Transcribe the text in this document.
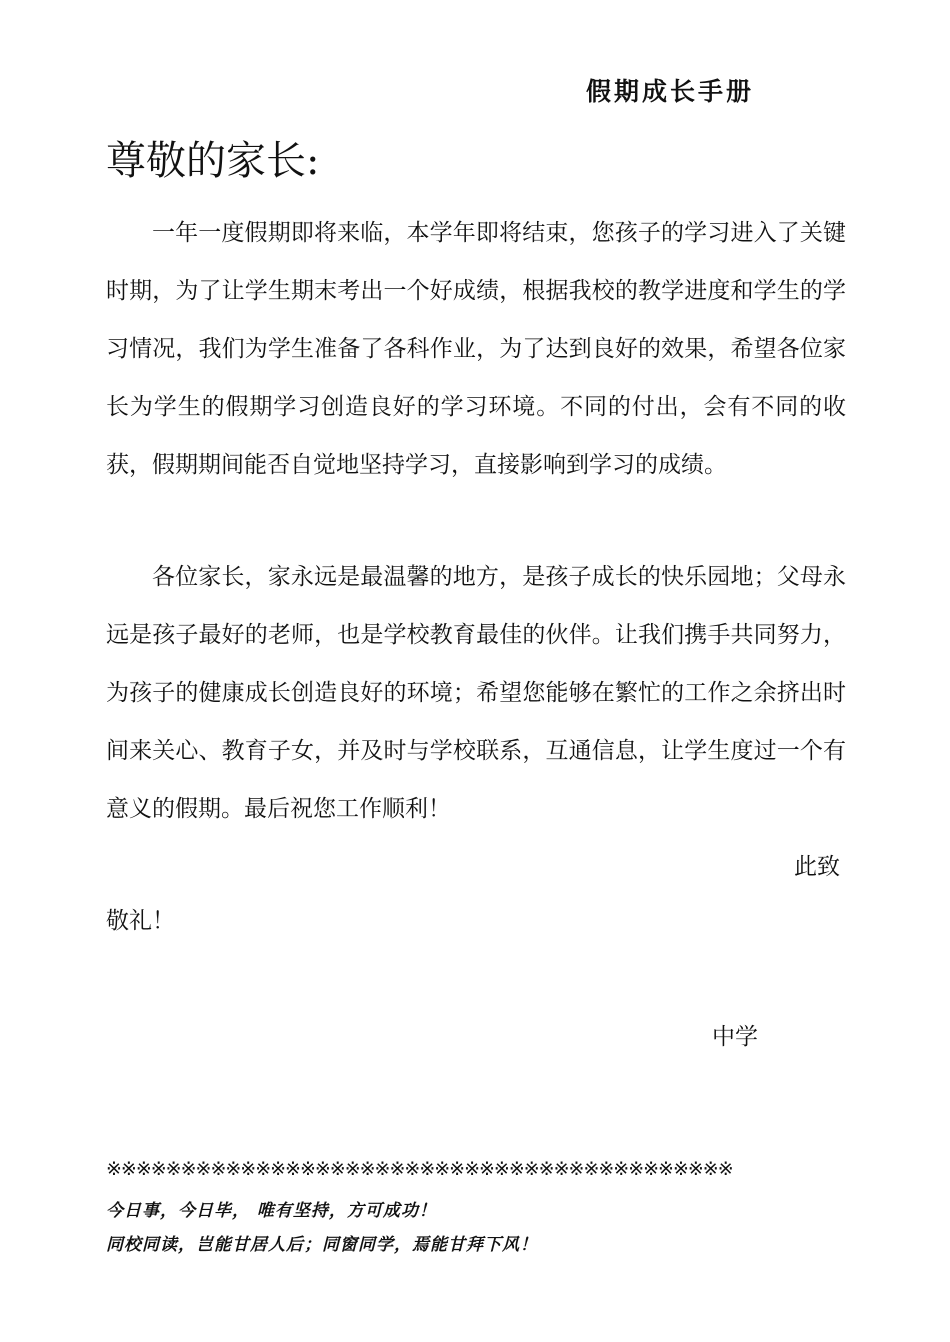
假期成长手册
尊敬的家长:

一年一度假期即将来临，本学年即将结束，您孩子的学习进入了关键时期，为了让学生期末考出一个好成绩，根据我校的教学进度和学生的学习情况，我们为学生准备了各科作业，为了达到良好的效果，希望各位家长为学生的假期学习创造良好的学习环境。不同的付出，会有不同的收获，假期期间能否自觉地坚持学习，直接影响到学习的成绩。

各位家长，家永远是最温馨的地方，是孩子成长的快乐园地；父母永远是孩子最好的老师，也是学校教育最佳的伙伴。让我们携手共同努力，为孩子的健康成长创造良好的环境；希望您能够在繁忙的工作之余挤出时间来关心、教育子女，并及时与学校联系，互通信息，让学生度过一个有意义的假期。最后祝您工作顺利！

此致
敬礼！
中学
※※※※※※※※※※※※※※※※※※※※※※※※※※※※※※※※※※※※※※※※※※
今日事，今日毕， 唯有坚持，方可成功！
同校同读，岂能甘居人后；同窗同学，焉能甘拜下风！
